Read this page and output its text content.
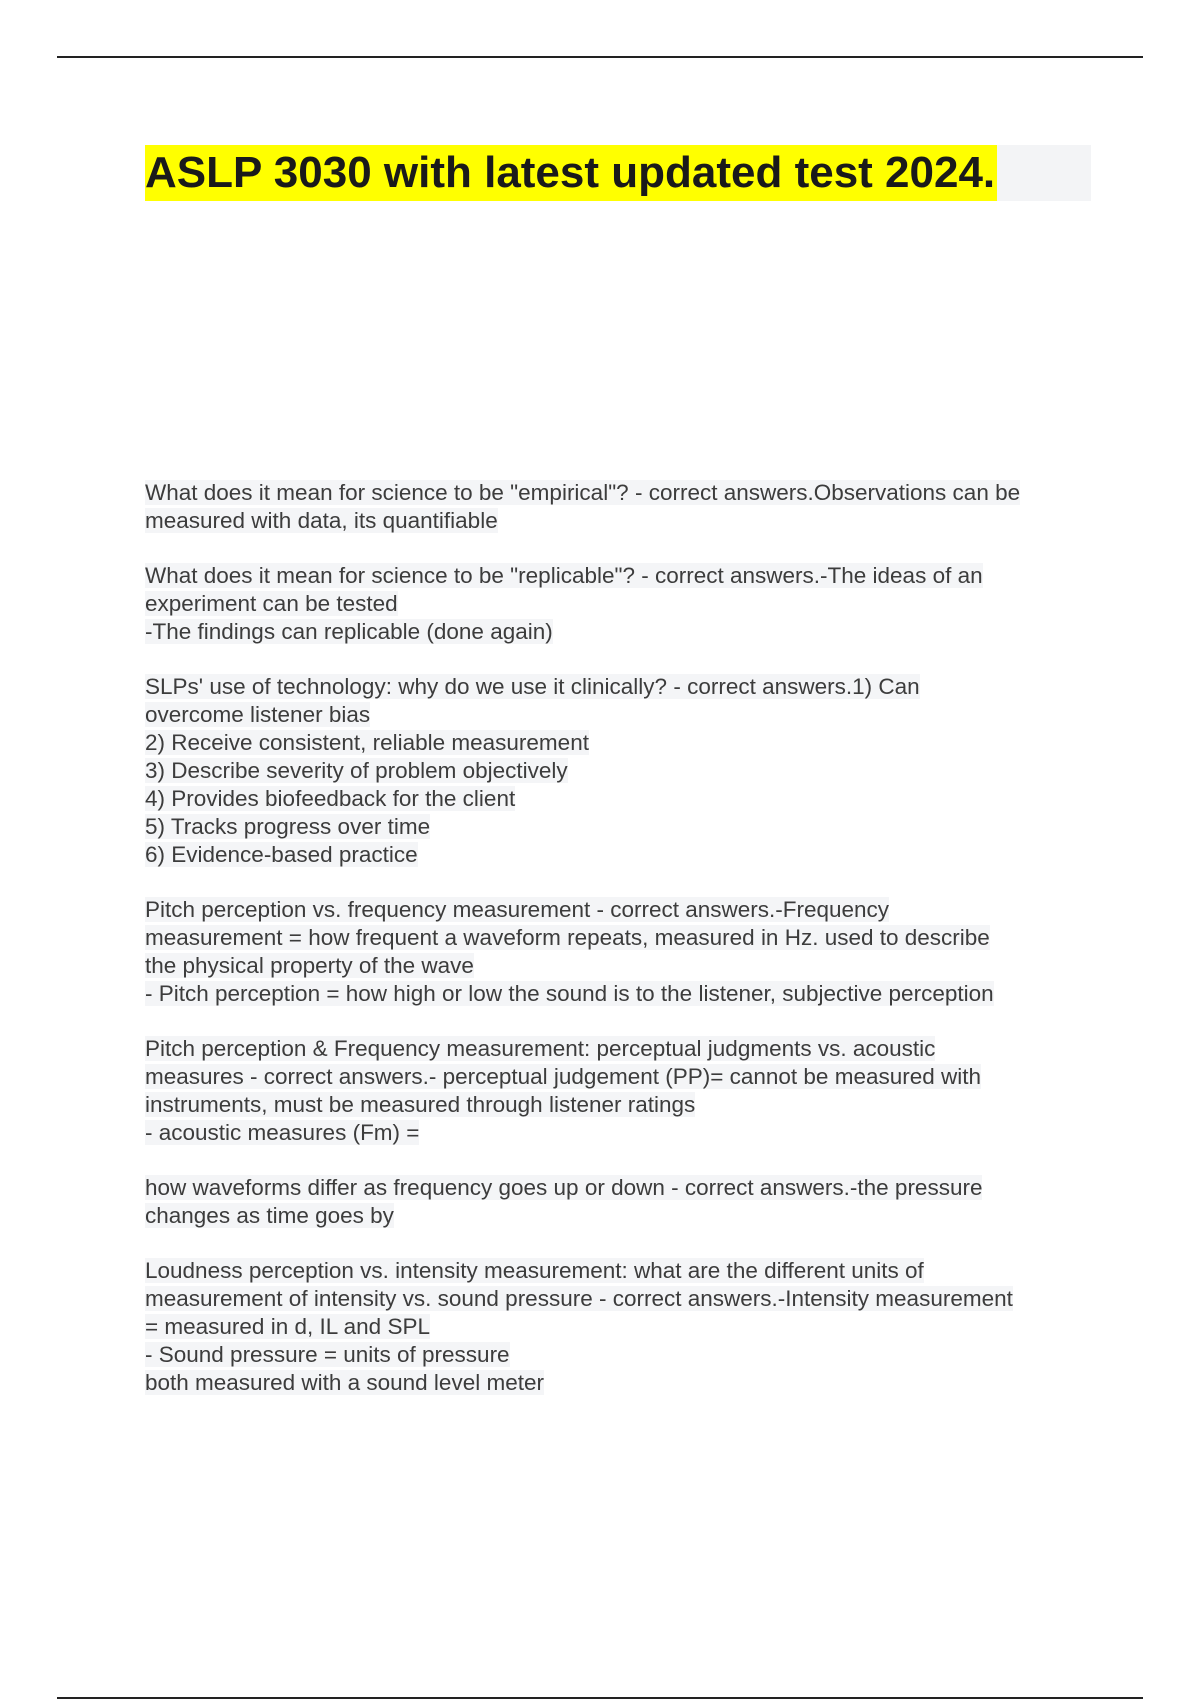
ASLP 3030 with latest updated test 2024.
What does it mean for science to be "empirical"? - correct answers.Observations can be
measured with data, its quantifiable
What does it mean for science to be "replicable"? - correct answers.-The ideas of an
experiment can be tested
-The findings can replicable (done again)
SLPs' use of technology: why do we use it clinically? - correct answers.1) Can
overcome listener bias
2) Receive consistent, reliable measurement
3) Describe severity of problem objectively
4) Provides biofeedback for the client
5) Tracks progress over time
6) Evidence-based practice
Pitch perception vs. frequency measurement - correct answers.-Frequency
measurement = how frequent a waveform repeats, measured in Hz. used to describe
the physical property of the wave
- Pitch perception = how high or low the sound is to the listener, subjective perception
Pitch perception & Frequency measurement: perceptual judgments vs. acoustic
measures - correct answers.- perceptual judgement (PP)= cannot be measured with
instruments, must be measured through listener ratings
- acoustic measures (Fm) =
how waveforms differ as frequency goes up or down - correct answers.-the pressure
changes as time goes by
Loudness perception vs. intensity measurement: what are the different units of
measurement of intensity vs. sound pressure - correct answers.-Intensity measurement
= measured in d, IL and SPL
- Sound pressure = units of pressure
both measured with a sound level meter
